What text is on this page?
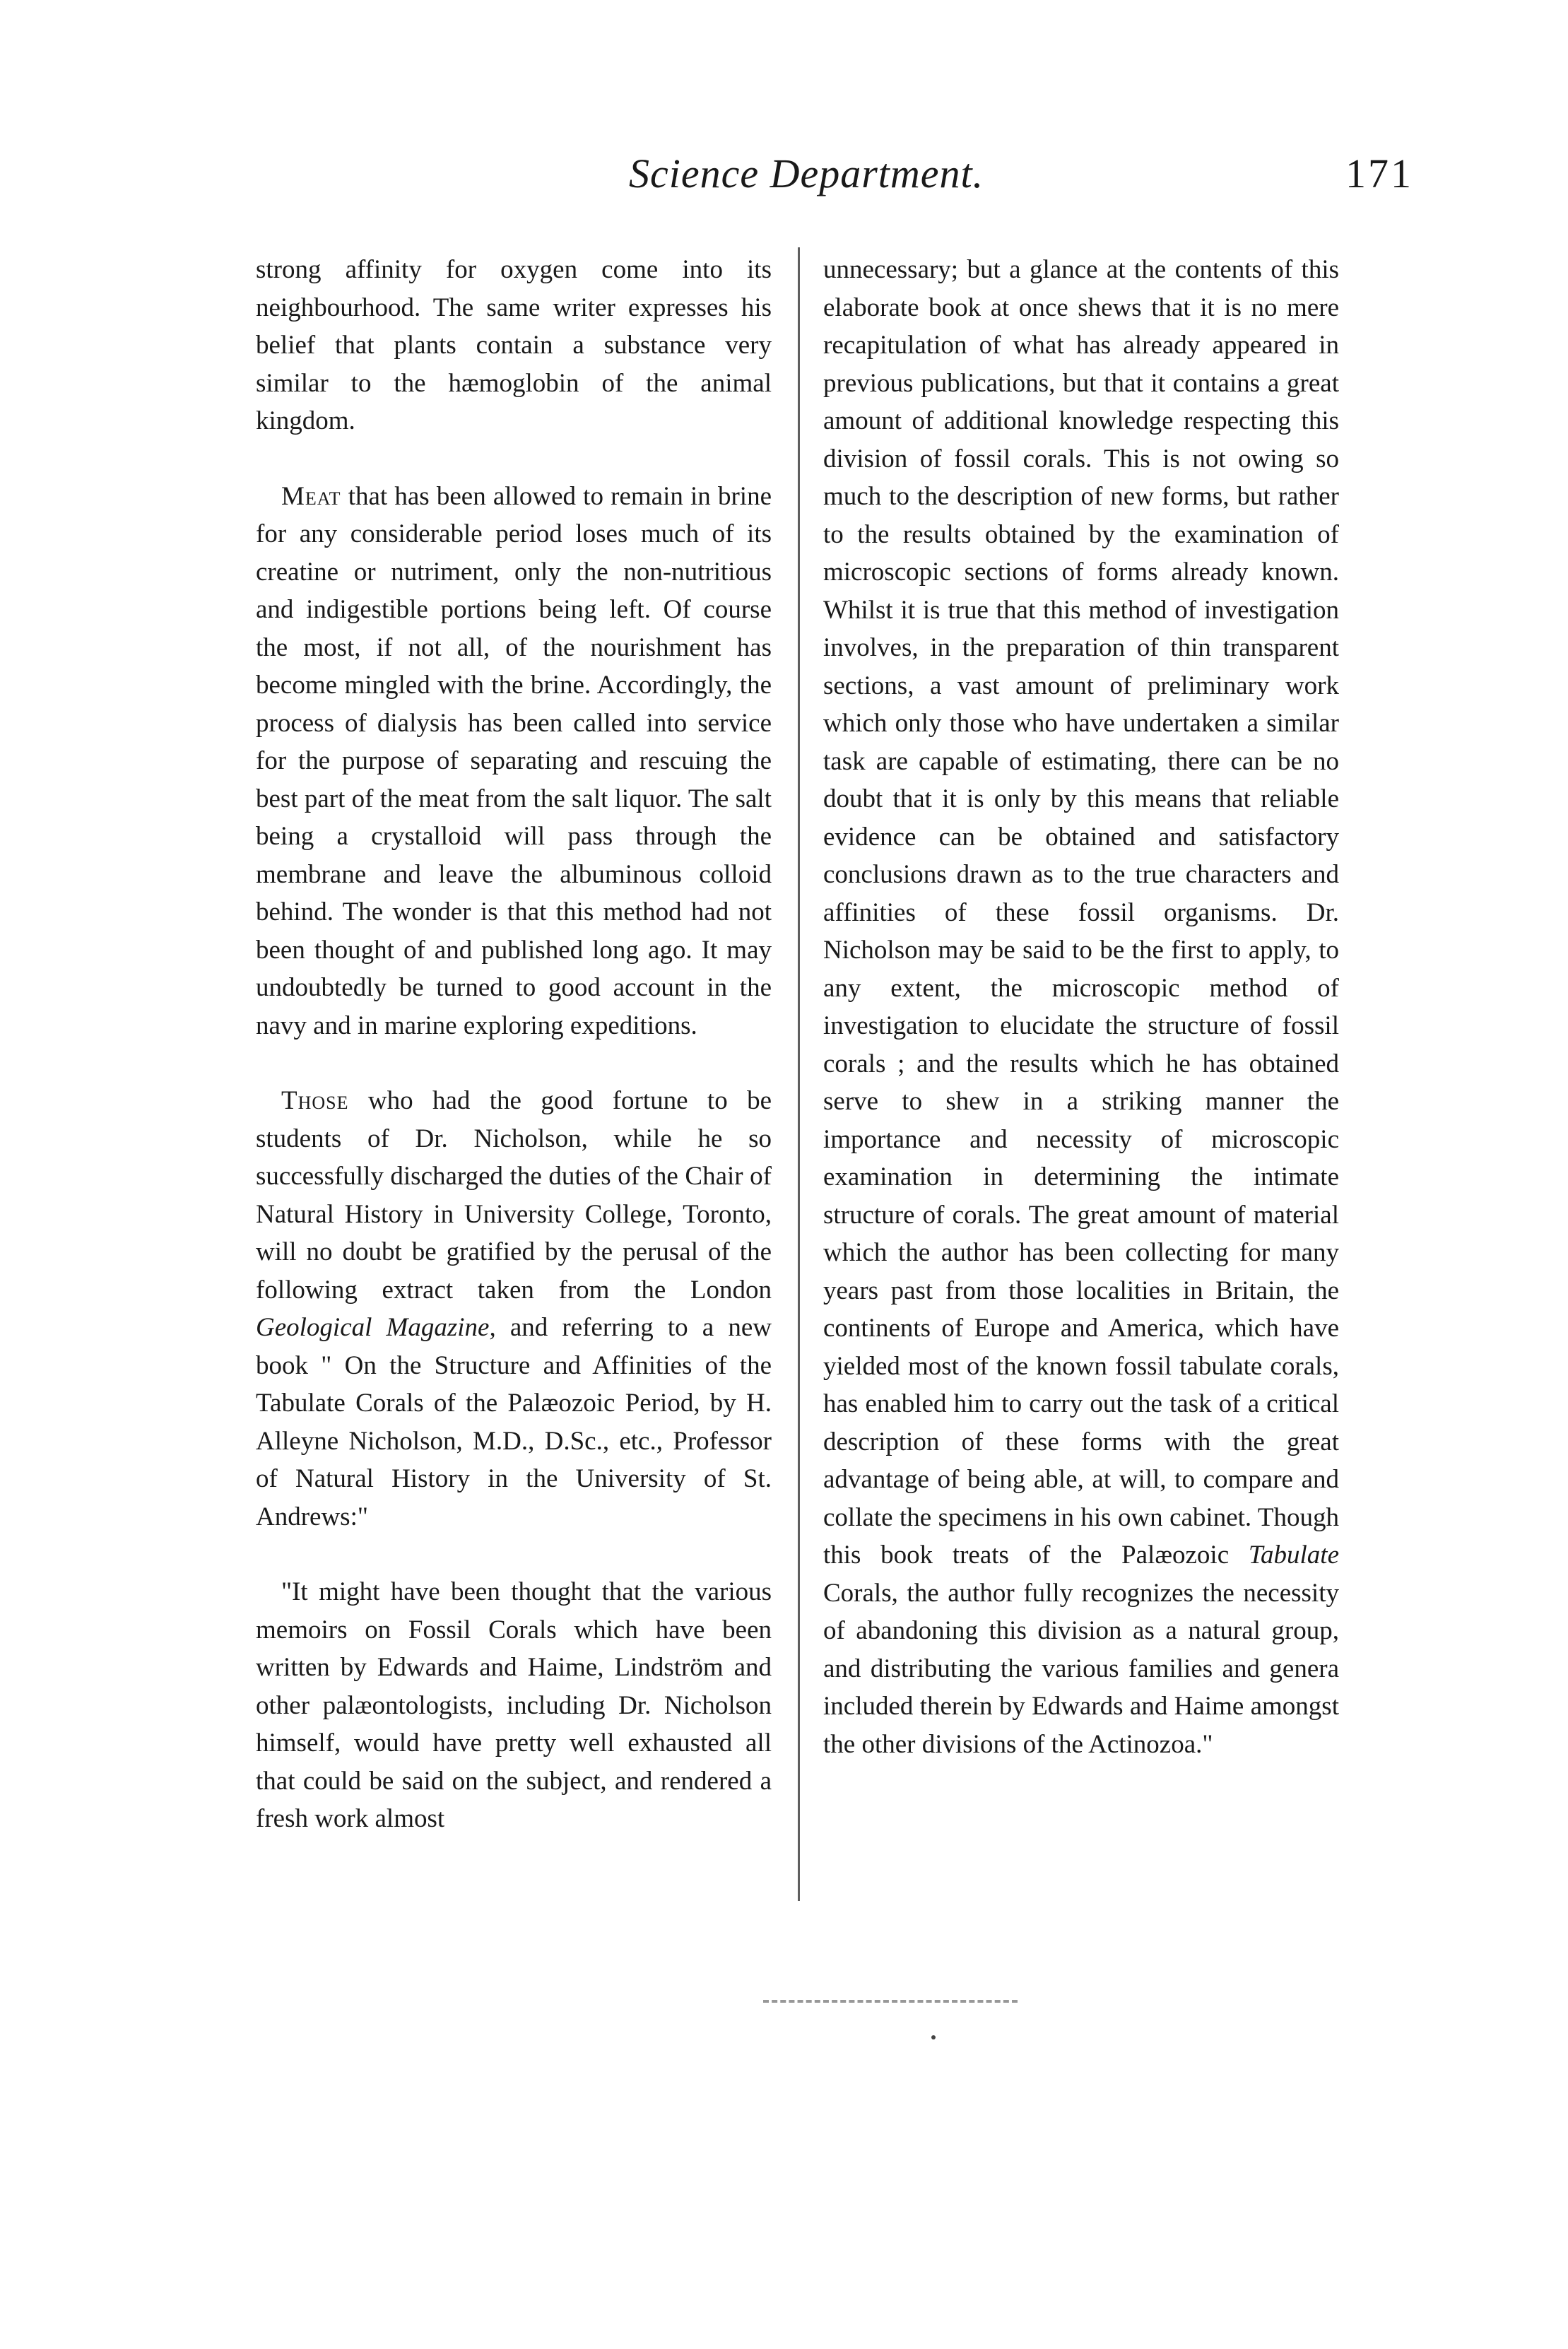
Science Department.	171

strong affinity for oxygen come into its neighbourhood. The same writer expresses his belief that plants contain a substance very similar to the hæmoglobin of the animal kingdom.

Meat that has been allowed to remain in brine for any considerable period loses much of its creatine or nutriment, only the non-nutritious and indigestible portions being left. Of course the most, if not all, of the nourishment has become mingled with the brine. Accordingly, the process of dialysis has been called into service for the purpose of separating and rescuing the best part of the meat from the salt liquor. The salt being a crystalloid will pass through the membrane and leave the albuminous colloid behind. The wonder is that this method had not been thought of and published long ago. It may undoubtedly be turned to good account in the navy and in marine exploring expeditions.

Those who had the good fortune to be students of Dr. Nicholson, while he so successfully discharged the duties of the Chair of Natural History in University College, Toronto, will no doubt be gratified by the perusal of the following extract taken from the London Geological Magazine, and referring to a new book " On the Structure and Affinities of the Tabulate Corals of the Palæozoic Period, by H. Alleyne Nicholson, M.D., D.Sc., etc., Professor of Natural History in the University of St. Andrews:"

"It might have been thought that the various memoirs on Fossil Corals which have been written by Edwards and Haime, Lindström and other palæontologists, including Dr. Nicholson himself, would have pretty well exhausted all that could be said on the subject, and rendered a fresh work almost

unnecessary; but a glance at the contents of this elaborate book at once shews that it is no mere recapitulation of what has already appeared in previous publications, but that it contains a great amount of additional knowledge respecting this division of fossil corals. This is not owing so much to the description of new forms, but rather to the results obtained by the examination of microscopic sections of forms already known. Whilst it is true that this method of investigation involves, in the preparation of thin transparent sections, a vast amount of preliminary work which only those who have undertaken a similar task are capable of estimating, there can be no doubt that it is only by this means that reliable evidence can be obtained and satisfactory conclusions drawn as to the true characters and affinities of these fossil organisms. Dr. Nicholson may be said to be the first to apply, to any extent, the microscopic method of investigation to elucidate the structure of fossil corals ; and the results which he has obtained serve to shew in a striking manner the importance and necessity of microscopic examination in determining the intimate structure of corals. The great amount of material which the author has been collecting for many years past from those localities in Britain, the continents of Europe and America, which have yielded most of the known fossil tabulate corals, has enabled him to carry out the task of a critical description of these forms with the great advantage of being able, at will, to compare and collate the specimens in his own cabinet. Though this book treats of the Palæozoic Tabulate Corals, the author fully recognizes the necessity of abandoning this division as a natural group, and distributing the various families and genera included therein by Edwards and Haime amongst the other divisions of the Actinozoa."
